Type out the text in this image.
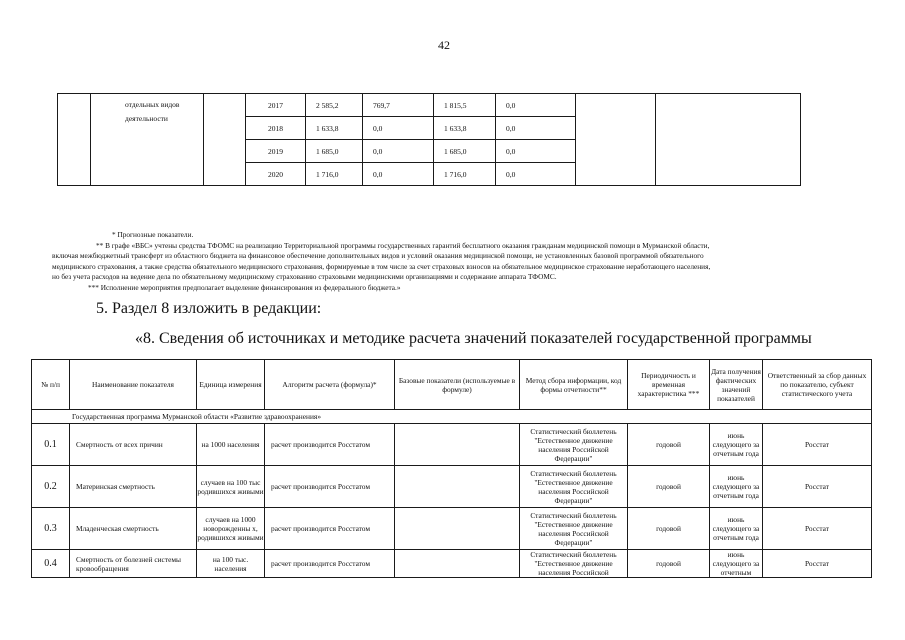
42
	отдельных видов деятельности		2017	2 585,2	769,7	1 815,5	0,0		
			2018	1 633,8	0,0	1 633,8	0,0		
			2019	1 685,0	0,0	1 685,0	0,0		
			2020	1 716,0	0,0	1 716,0	0,0		

* Прогнозные показатели.

** В графе «ВБС» учтены средства ТФОМС на реализацию Территориальной программы государственных гарантий бесплатного оказания гражданам медицинской помощи в Мурманской области,

включая межбюджетный трансферт из областного бюджета на финансовое обеспечение дополнительных видов и условий оказания медицинской помощи, не установленных базовой программой обязательного

медицинского страхования, а также средства обязательного медицинского страхования, формируемые в том числе за счет страховых взносов на обязательное медицинское страхование неработающего населения,

но без учета расходов на ведение дела по обязательному медицинскому страхованию страховыми медицинскими организациями и содержание аппарата ТФОМС.

*** Исполнение мероприятия предполагает выделение финансирования из федерального бюджета.»

5. Раздел 8 изложить в редакции:
«8. Сведения об источниках и методике расчета значений показателей государственной программы
№ п/п	Наименование показателя	Единица измерения	Алгоритм расчета (формула)*	Базовые показатели (используемые в формуле)	Метод сбора информации, код формы отчетности**	Периодичность и временная характеристика ***	Дата получения фактических значений показателей	Ответственный за сбор данных по показателю, субъект статистического учета
Государственная программа Мурманской области «Развитие здравоохранения»								
0.1	Смертность от всех причин	на 1000 населения	расчет производится Росстатом		Статистический бюллетень "Естественное движение населения Российской Федерации"	годовой	июнь следующего за отчетным года	Росстат
0.2	Материнская смертность	случаев на 100 тыс родившихся живыми	расчет производится Росстатом		Статистический бюллетень "Естественное движение населения Российской Федерации"	годовой	июнь следующего за отчетным года	Росстат
0.3	Младенческая смертность	случаев на 1000 новорожденны х, родившихся живыми	расчет производится Росстатом		Статистический бюллетень "Естественное движение населения Российской Федерации"	годовой	июнь следующего за отчетным года	Росстат
0.4	Смертность от болезней системы кровообращения	на 100 тыс. населения	расчет производится Росстатом		Статистический бюллетень "Естественное движение населения Российской	годовой	июнь следующего за отчетным	Росстат
